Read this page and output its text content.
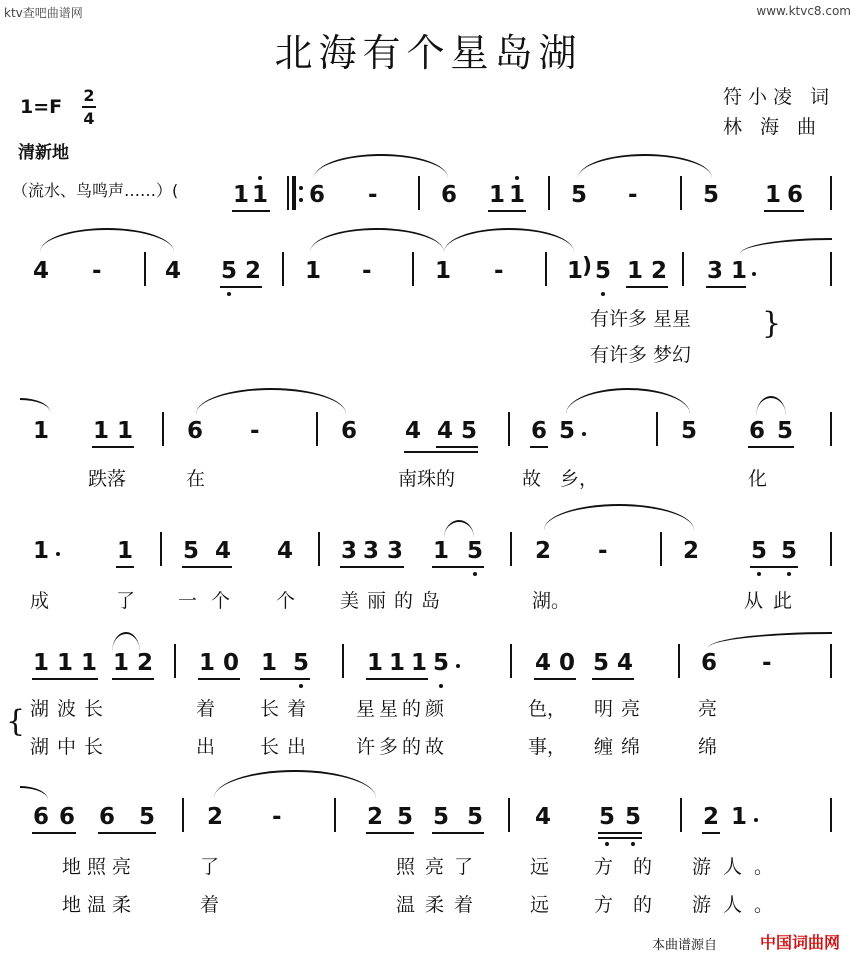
ktv查吧曲谱网	www.ktvc8.com
北海有个星岛湖
符小凌 词
林 海 曲
1=F
2
4
清新地
（流水、鸟鸣声……）( 1 1 6 -	6 1 1 5 -	5 1 6
4 -	4 5 2 1 -	1 -	1 ) 5 1 2 3 1
有许多 星星
有许多 梦幻
}
1 1 1 6 -	6 4 4 5 6 5	5 6 5
跌落	在	南珠的	故 乡，	化
1	1 5 4 4 3 3 3 1 5 2 -	2 5 5
成	了 一个 个 美丽的岛	湖。	从此
1 1 1 1 2 1 0 1 5	1 1 1 5	4 0 5 4	6 -
{ 湖波长	着 长着 星星的颜	色， 明亮	亮
湖中长	出 长出 许多的故	事， 缠绵	绵
6 6 6 5 2 -	2 5 5 5 4 5 5	2 1
地照亮	了	照亮了 远 方的 游人。
地温柔	着	温柔着 远 方的 游人。
本曲谱源自	中国词曲网
